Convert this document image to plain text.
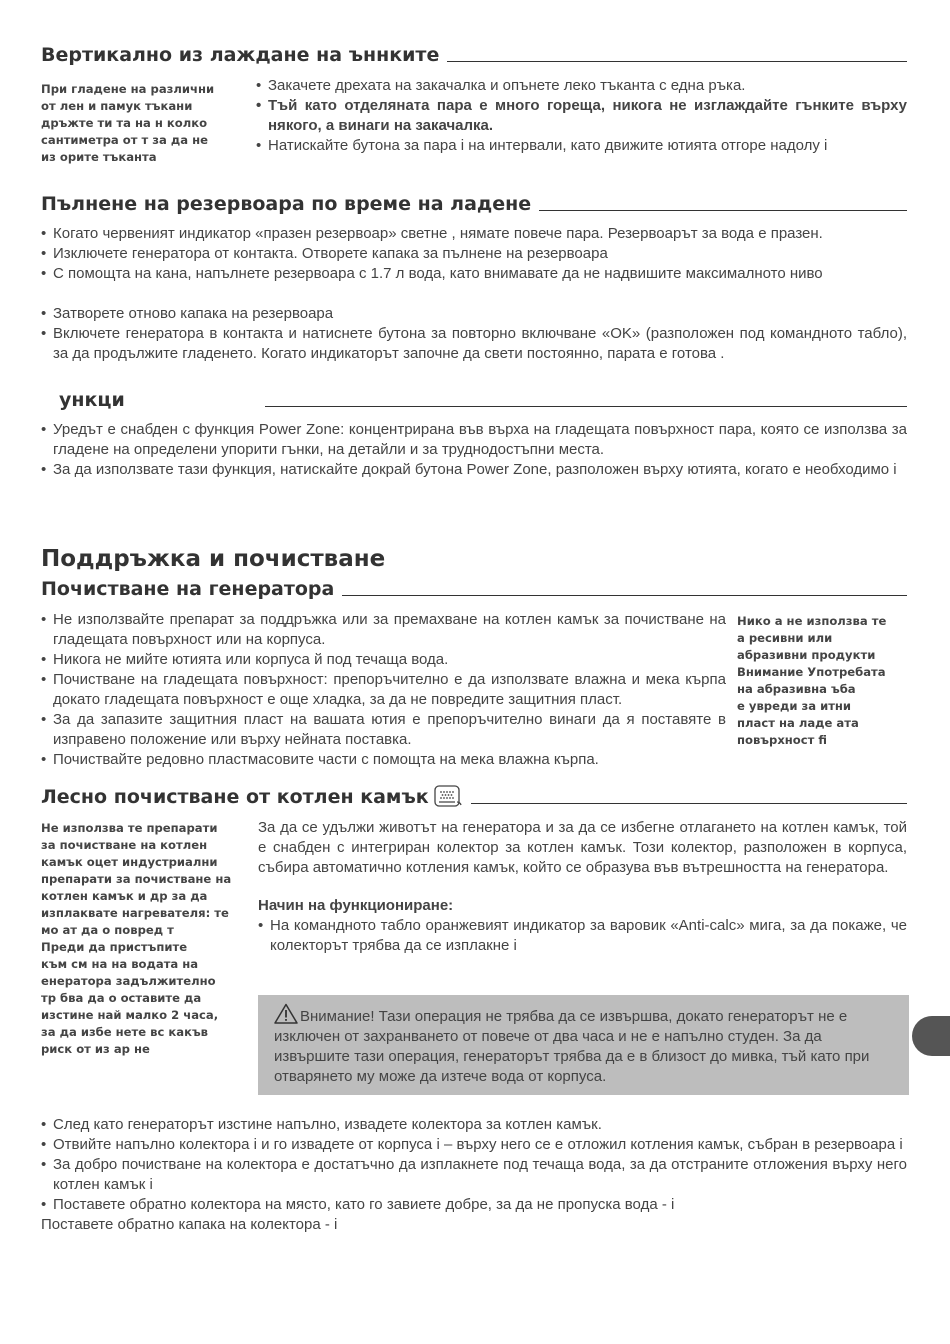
Вертикално из лаждане на ъннките
При гладене на различни
от лен и памук тъкани
дръжте ти та на н колко
сантиметра от т за да не
из орите тъканта

• Закачете дрехата на закачалка и опънете леко тъканта с една ръка.

• Тъй като отделяната пара е много гореща, никога не изглаждайте гънките върху някого, а винаги на закачалка.

• Натискайте бутона за пара i на интервали, като движите ютията отгоре надолу i

Пълнене на резервоара по време на ладене

• Когато червеният индикатор «празен резервоар» светне , нямате повече пара. Резервоарът за вода е празен.

• Изключете генератора от контакта. Отворете капака за пълнене на резервоара

• С помощта на кана, напълнете резервоара с 1.7 л вода, като внимавате да не надвишите максималното ниво

• Затворете отново капака на резервоара

• Включете генератора в контакта и натиснете бутона за повторно включване «OK» (разположен под командното табло), за да продължите гладенето. Когато индикаторът започне да свети постоянно, парата е готова .

ункци

• Уредът е снабден с функция Power Zone: концентрирана във върха на гладещата повърхност пара, която се използва за гладене на определени упорити гънки, на детайли и за труднодостъпни места.

• За да използвате тази функция, натискайте докрай бутона Power Zone, разположен върху ютията, когато е необходимо i

Поддръжка и почистване
Почистване на генератора

• Не използвайте препарат за поддръжка или за премахване на котлен камък за почистване на гладещата повърхност или на корпуса.

• Никога не мийте ютията или корпуса й под течаща вода.

• Почистване на гладещата повърхност: препоръчително е да използвате влажна и мека кърпа докато гладещата повърхност е още хладка, за да не повредите защитния пласт.

• За да запазите защитния пласт на вашата ютия е препоръчително винаги да я поставяте в изправено положение или върху нейната поставка.

• Почиствайте редовно пластмасовите части с помощта на мека влажна кърпа.

Нико а не използва те
а ресивни или
абразивни продукти
Внимание Употребата
на абразивна ъба
е увреди за итни
пласт на ладе ата
повърхност fi
Лесно почистване от котлен камък
Не използва те препарати
за почистване на котлен
камък оцет индустриални
препарати за почистване на
котлен камък и др за да
изплаквате нагревателя: те
мо ат да о повред т
Преди да пристъпите
към см на на водата на
енератора задължително
тр бва да о оставите да
изстине най малко 2 часа,
за да избе нете вс какъв
риск от из ар не

За да се удължи животът на генератора и за да се избегне отлагането на котлен камък, той е снабден с интегриран колектор за котлен камък. Този колектор, разположен в корпуса, събира автоматично котления камък, който се образува във вътрешността на генератора.

Начин на функциониране:

• На командното табло оранжевият индикатор за варовик «Anti-calc» мига, за да покаже, че колекторът трябва да се изплакне i

Внимание! Тази операция не трябва да се извършва, докато генераторът не е изключен от захранването от повече от два часа и не е напълно студен. За да извършите тази операция, генераторът трябва да е в близост до мивка, тъй като при отварянето му може да изтече вода от корпуса.

• След като генераторът изстине напълно, извадете колектора за котлен камък.

• Отвийте напълно колектора i и го извадете от корпуса i – върху него се е отложил котления камък, събран в резервоара i

• За добро почистване на колектора е достатъчно да изплакнете под течаща вода, за да отстраните отложения върху него котлен камък i

• Поставете обратно колектора на място, като го завиете добре, за да не пропуска вода - i

Поставете обратно капака на колектора - i
